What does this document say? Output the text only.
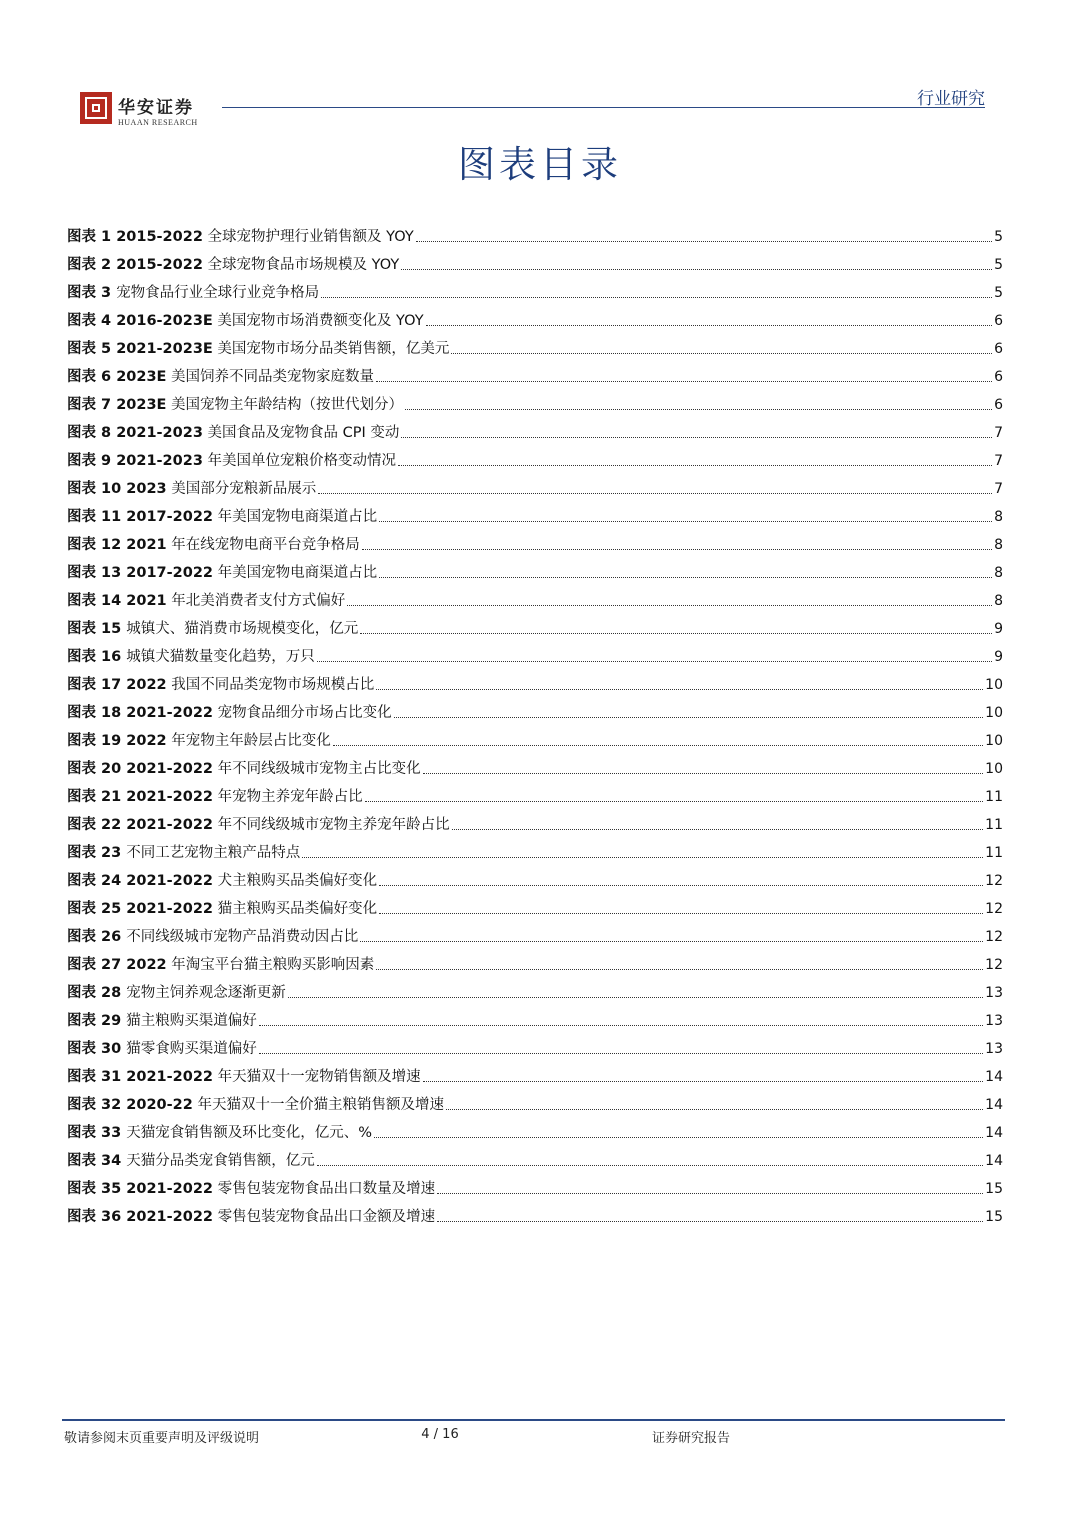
华安证券
HUAAN RESEARCH
行业研究
图表目录
图表 1 2015-2022 全球宠物护理行业销售额及 YOY	5
图表 2 2015-2022 全球宠物食品市场规模及 YOY	5
图表 3 宠物食品行业全球行业竞争格局	5
图表 4 2016-2023E 美国宠物市场消费额变化及 YOY	6
图表 5 2021-2023E 美国宠物市场分品类销售额，亿美元	6
图表 6 2023E 美国饲养不同品类宠物家庭数量	6
图表 7 2023E 美国宠物主年龄结构（按世代划分）	6
图表 8 2021-2023 美国食品及宠物食品 CPI 变动	7
图表 9 2021-2023 年美国单位宠粮价格变动情况	7
图表 10 2023 美国部分宠粮新品展示	7
图表 11 2017-2022 年美国宠物电商渠道占比	8
图表 12 2021 年在线宠物电商平台竞争格局	8
图表 13 2017-2022 年美国宠物电商渠道占比	8
图表 14 2021 年北美消费者支付方式偏好	8
图表 15 城镇犬、猫消费市场规模变化，亿元	9
图表 16 城镇犬猫数量变化趋势，万只	9
图表 17 2022 我国不同品类宠物市场规模占比	10
图表 18 2021-2022 宠物食品细分市场占比变化	10
图表 19 2022 年宠物主年龄层占比变化	10
图表 20 2021-2022 年不同线级城市宠物主占比变化	10
图表 21 2021-2022 年宠物主养宠年龄占比	11
图表 22 2021-2022 年不同线级城市宠物主养宠年龄占比	11
图表 23 不同工艺宠物主粮产品特点	11
图表 24 2021-2022 犬主粮购买品类偏好变化	12
图表 25 2021-2022 猫主粮购买品类偏好变化	12
图表 26 不同线级城市宠物产品消费动因占比	12
图表 27 2022 年淘宝平台猫主粮购买影响因素	12
图表 28 宠物主饲养观念逐渐更新	13
图表 29 猫主粮购买渠道偏好	13
图表 30 猫零食购买渠道偏好	13
图表 31 2021-2022 年天猫双十一宠物销售额及增速	14
图表 32 2020-22 年天猫双十一全价猫主粮销售额及增速	14
图表 33 天猫宠食销售额及环比变化，亿元、%	14
图表 34 天猫分品类宠食销售额，亿元	14
图表 35 2021-2022 零售包装宠物食品出口数量及增速	15
图表 36 2021-2022 零售包装宠物食品出口金额及增速	15
敬请参阅末页重要声明及评级说明	4 / 16	证券研究报告
